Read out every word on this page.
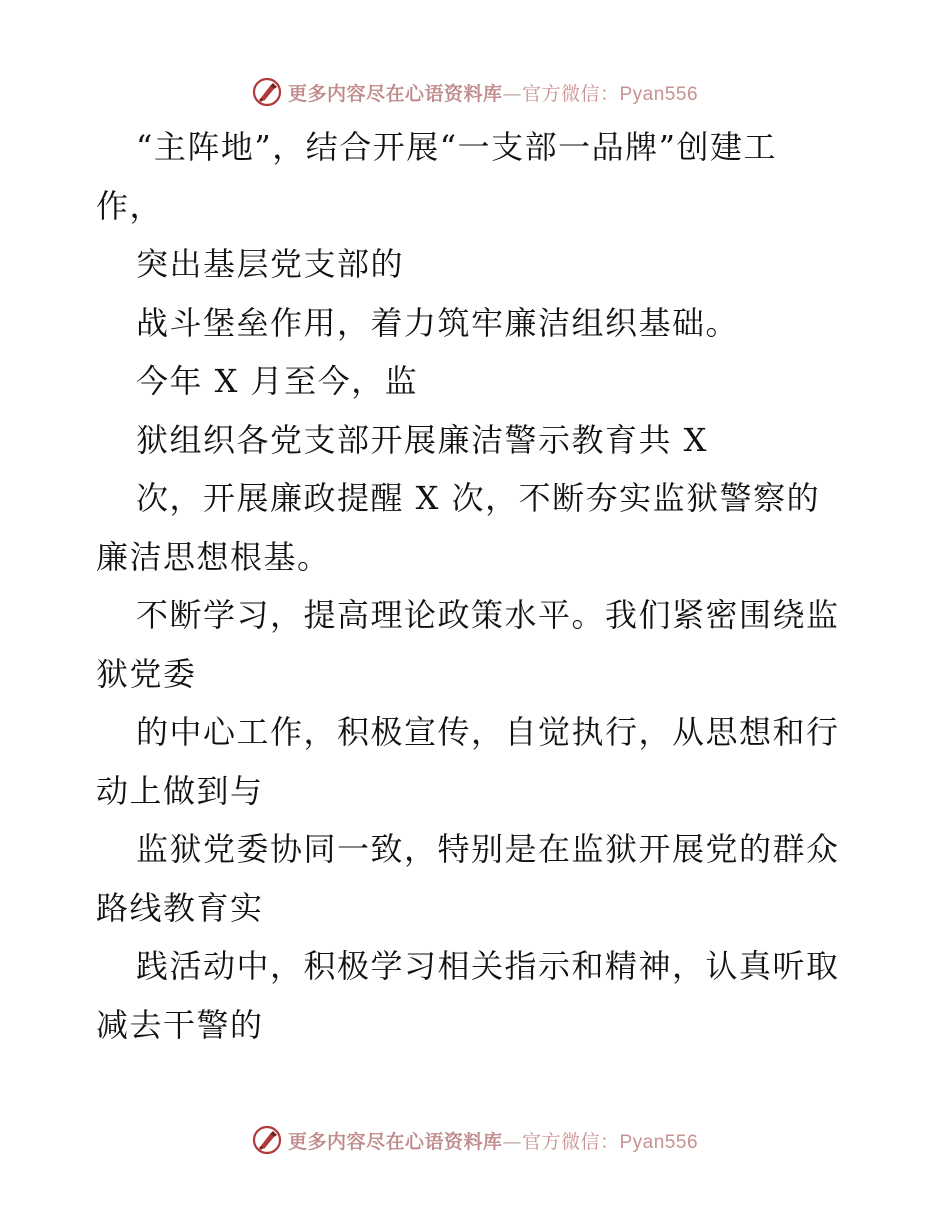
更多内容尽在心语资料库—官方微信：Pyan556
“主阵地”，结合开展“一支部一品牌”创建工
作，
突出基层党支部的
战斗堡垒作用，着力筑牢廉洁组织基础。
今年 X 月至今，监
狱组织各党支部开展廉洁警示教育共 X
次，开展廉政提醒 X 次，不断夯实监狱警察的
廉洁思想根基。
不断学习，提高理论政策水平。我们紧密围绕监
狱党委
的中心工作，积极宣传，自觉执行，从思想和行
动上做到与
监狱党委协同一致，特别是在监狱开展党的群众
路线教育实
践活动中，积极学习相关指示和精神，认真听取
减去干警的
更多内容尽在心语资料库—官方微信：Pyan556
